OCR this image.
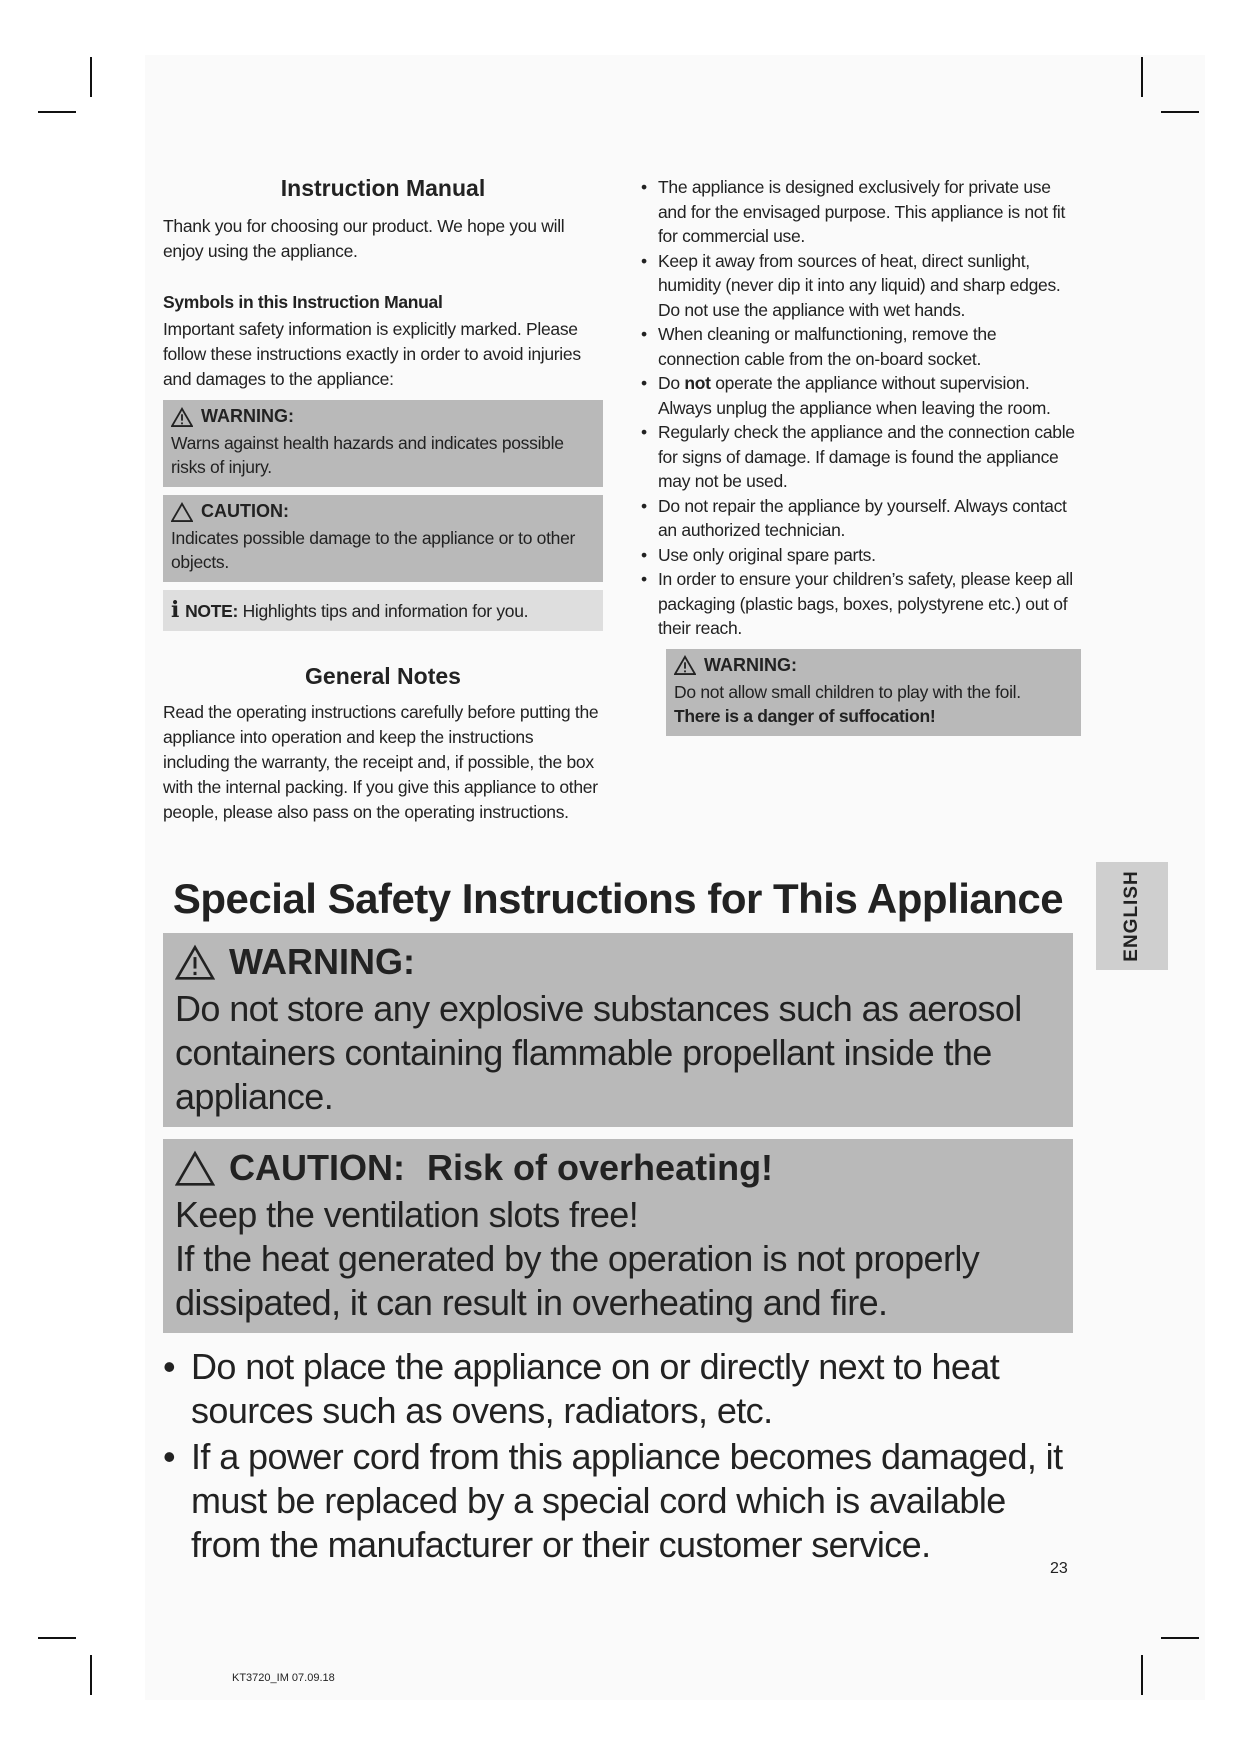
Instruction Manual

Thank you for choosing our product. We hope you will enjoy using the appliance.

Symbols in this Instruction Manual

Important safety information is explicitly marked. Please follow these instructions exactly in order to avoid injuries and damages to the appliance:

WARNING:

Warns against health hazards and indicates possible risks of injury.

CAUTION:

Indicates possible damage to the appliance or to other objects.

i NOTE: Highlights tips and information for you.

General Notes

Read the operating instructions carefully before putting the appliance into operation and keep the instructions including the warranty, the receipt and, if possible, the box with the internal packing. If you give this appliance to other people, please also pass on the operating instructions.

• The appliance is designed exclusively for private use and for the envisaged purpose. This appliance is not fit for commercial use.
• Keep it away from sources of heat, direct sunlight, humidity (never dip it into any liquid) and sharp edges. Do not use the appliance with wet hands.
• When cleaning or malfunctioning, remove the connection cable from the on-board socket.
• Do not operate the appliance without supervision. Always unplug the appliance when leaving the room.
• Regularly check the appliance and the connection cable for signs of damage. If damage is found the appliance may not be used.
• Do not repair the appliance by yourself. Always contact an authorized technician.
• Use only original spare parts.
• In order to ensure your children’s safety, please keep all packaging (plastic bags, boxes, polystyrene etc.) out of their reach.
WARNING:

Do not allow small children to play with the foil.

There is a danger of suffocation!

Special Safety Instructions for This Appliance
WARNING:

Do not store any explosive substances such as aerosol containers containing flammable propellant inside the appliance.

CAUTION: Risk of overheating!

Keep the ventilation slots free!

If the heat generated by the operation is not properly dissipated, it can result in overheating and fire.

• Do not place the appliance on or directly next to heat sources such as ovens, radiators, etc.
• If a power cord from this appliance becomes damaged, it must be replaced by a special cord which is available from the manufacturer or their customer service.
ENGLISH
23
KT3720_IM 07.09.18
